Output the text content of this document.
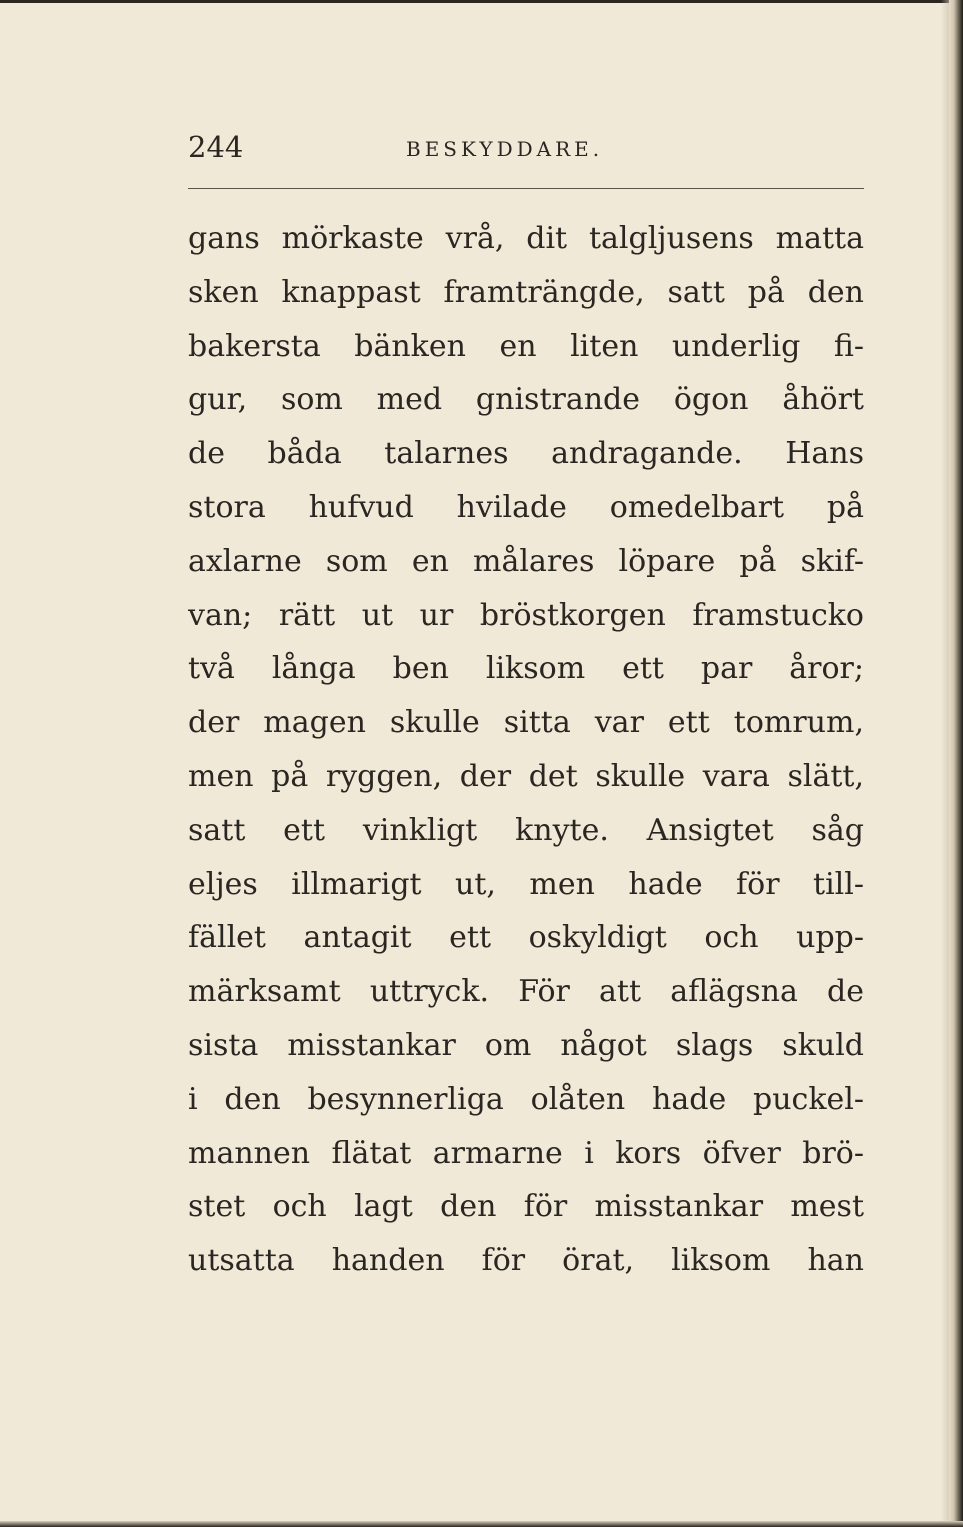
244	BESKYDDARE.
gans mörkaste vrå, dit talgljusens matta
sken knappast framträngde, satt på den
bakersta bänken en liten underlig fi-
gur, som med gnistrande ögon åhört
de båda talarnes andragande. Hans
stora hufvud hvilade omedelbart på
axlarne som en målares löpare på skif-
van; rätt ut ur bröstkorgen framstucko
två långa ben liksom ett par åror;
der magen skulle sitta var ett tomrum,
men på ryggen, der det skulle vara slätt,
satt ett vinkligt knyte. Ansigtet såg
eljes illmarigt ut, men hade för till-
fället antagit ett oskyldigt och upp-
märksamt uttryck. För att aflägsna de
sista misstankar om något slags skuld
i den besynnerliga olåten hade puckel-
mannen flätat armarne i kors öfver brö-
stet och lagt den för misstankar mest
utsatta handen för örat, liksom han
